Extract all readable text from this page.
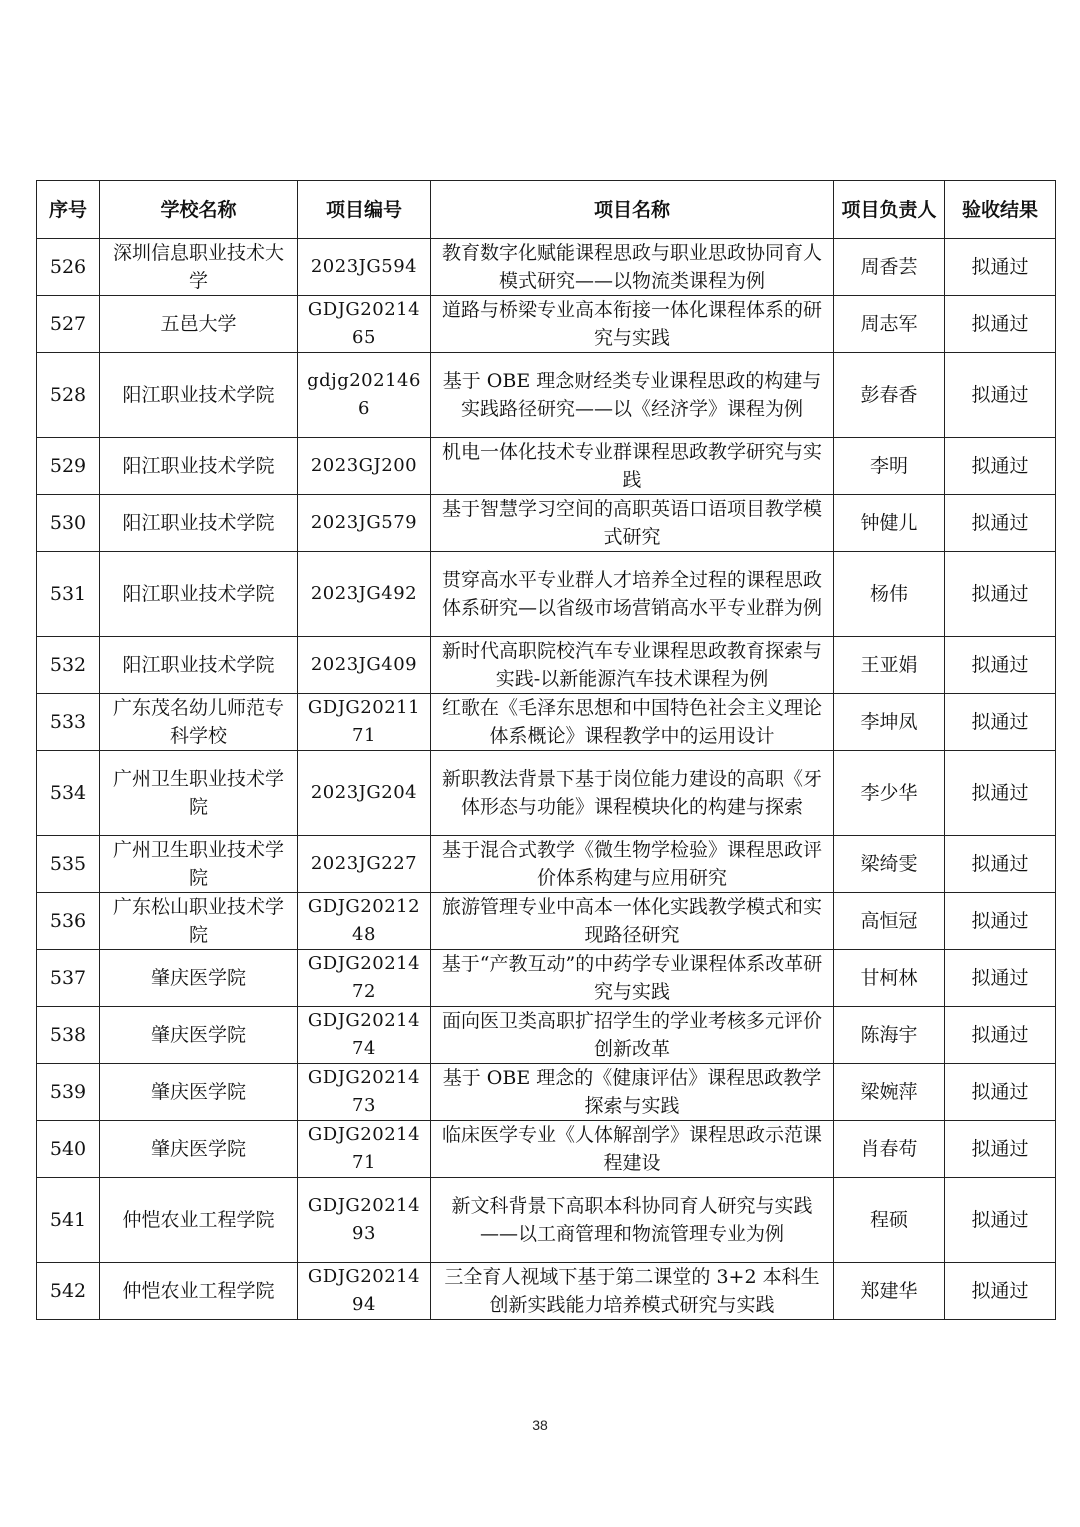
序号	学校名称	项目编号	项目名称	项目负责人	验收结果
526	深圳信息职业技术大学	2023JG594	教育数字化赋能课程思政与职业思政协同育人模式研究——以物流类课程为例	周香芸	拟通过
527	五邑大学	GDJG2021465	道路与桥梁专业高本衔接一体化课程体系的研究与实践	周志军	拟通过
528	阳江职业技术学院	gdjg2021466	基于 OBE 理念财经类专业课程思政的构建与实践路径研究——以《经济学》课程为例	彭春香	拟通过
529	阳江职业技术学院	2023GJ200	机电一体化技术专业群课程思政教学研究与实践	李明	拟通过
530	阳江职业技术学院	2023JG579	基于智慧学习空间的高职英语口语项目教学模式研究	钟健儿	拟通过
531	阳江职业技术学院	2023JG492	贯穿高水平专业群人才培养全过程的课程思政体系研究—以省级市场营销高水平专业群为例	杨伟	拟通过
532	阳江职业技术学院	2023JG409	新时代高职院校汽车专业课程思政教育探索与实践-以新能源汽车技术课程为例	王亚娟	拟通过
533	广东茂名幼儿师范专科学校	GDJG2021171	红歌在《毛泽东思想和中国特色社会主义理论体系概论》课程教学中的运用设计	李坤凤	拟通过
534	广州卫生职业技术学院	2023JG204	新职教法背景下基于岗位能力建设的高职《牙体形态与功能》课程模块化的构建与探索	李少华	拟通过
535	广州卫生职业技术学院	2023JG227	基于混合式教学《微生物学检验》课程思政评价体系构建与应用研究	梁绮雯	拟通过
536	广东松山职业技术学院	GDJG2021248	旅游管理专业中高本一体化实践教学模式和实现路径研究	高恒冠	拟通过
537	肇庆医学院	GDJG2021472	基于“产教互动”的中药学专业课程体系改革研究与实践	甘柯林	拟通过
538	肇庆医学院	GDJG2021474	面向医卫类高职扩招学生的学业考核多元评价创新改革	陈海宇	拟通过
539	肇庆医学院	GDJG2021473	基于 OBE 理念的《健康评估》课程思政教学探索与实践	梁婉萍	拟通过
540	肇庆医学院	GDJG2021471	临床医学专业《人体解剖学》课程思政示范课程建设	肖春苟	拟通过
541	仲恺农业工程学院	GDJG2021493	新文科背景下高职本科协同育人研究与实践——以工商管理和物流管理专业为例	程硕	拟通过
542	仲恺农业工程学院	GDJG2021494	三全育人视域下基于第二课堂的 3+2 本科生创新实践能力培养模式研究与实践	郑建华	拟通过
38
